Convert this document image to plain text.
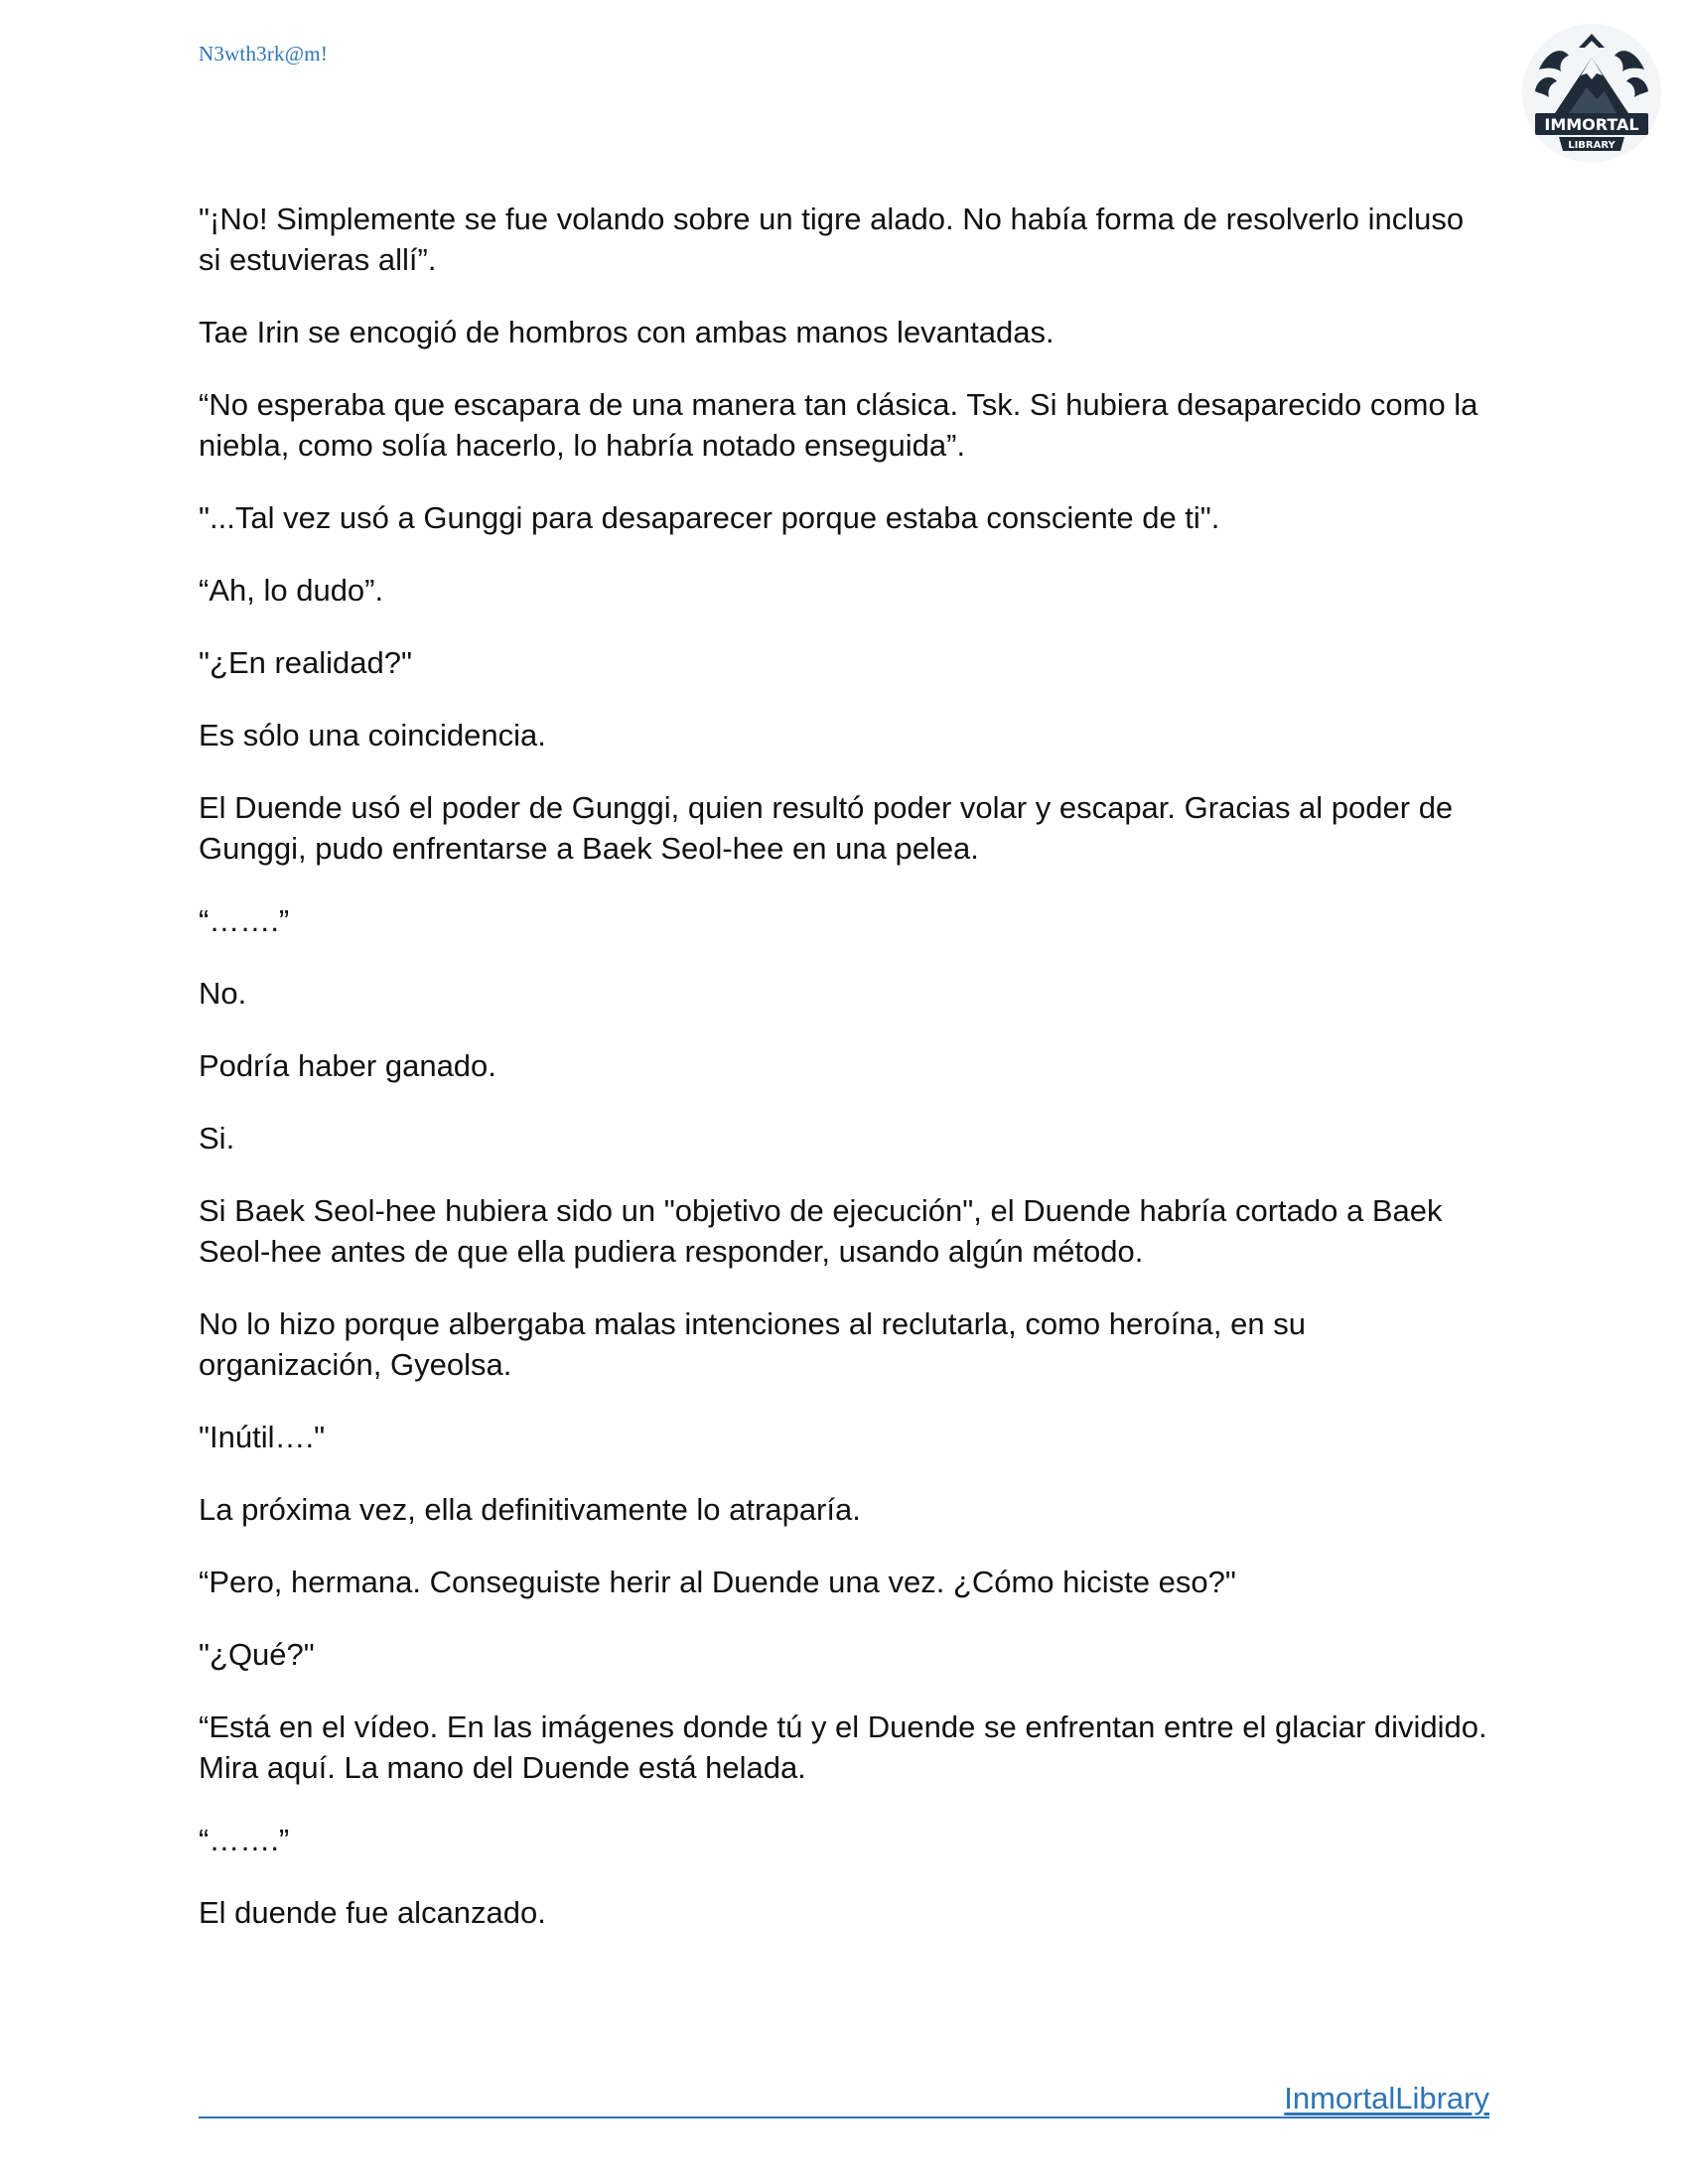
N3wth3rk@m!
IMMORTAL
LIBRARY

"¡No! Simplemente se fue volando sobre un tigre alado. No había forma de resolverlo incluso si estuvieras allí”.

Tae Irin se encogió de hombros con ambas manos levantadas.

“No esperaba que escapara de una manera tan clásica. Tsk. Si hubiera desaparecido como la niebla, como solía hacerlo, lo habría notado enseguida”.

"...Tal vez usó a Gunggi para desaparecer porque estaba consciente de ti".

“Ah, lo dudo”.

"¿En realidad?"

Es sólo una coincidencia.

El Duende usó el poder de Gunggi, quien resultó poder volar y escapar. Gracias al poder de Gunggi, pudo enfrentarse a Baek Seol-hee en una pelea.

“…….”

No.

Podría haber ganado.

Si.

Si Baek Seol-hee hubiera sido un "objetivo de ejecución", el Duende habría cortado a Baek Seol-hee antes de que ella pudiera responder, usando algún método.

No lo hizo porque albergaba malas intenciones al reclutarla, como heroína, en su organización, Gyeolsa.

"Inútil…."

La próxima vez, ella definitivamente lo atraparía.

“Pero, hermana. Conseguiste herir al Duende una vez. ¿Cómo hiciste eso?"

"¿Qué?"

“Está en el vídeo. En las imágenes donde tú y el Duende se enfrentan entre el glaciar dividido. Mira aquí. La mano del Duende está helada.

“…….”

El duende fue alcanzado.

InmortalLibrary
